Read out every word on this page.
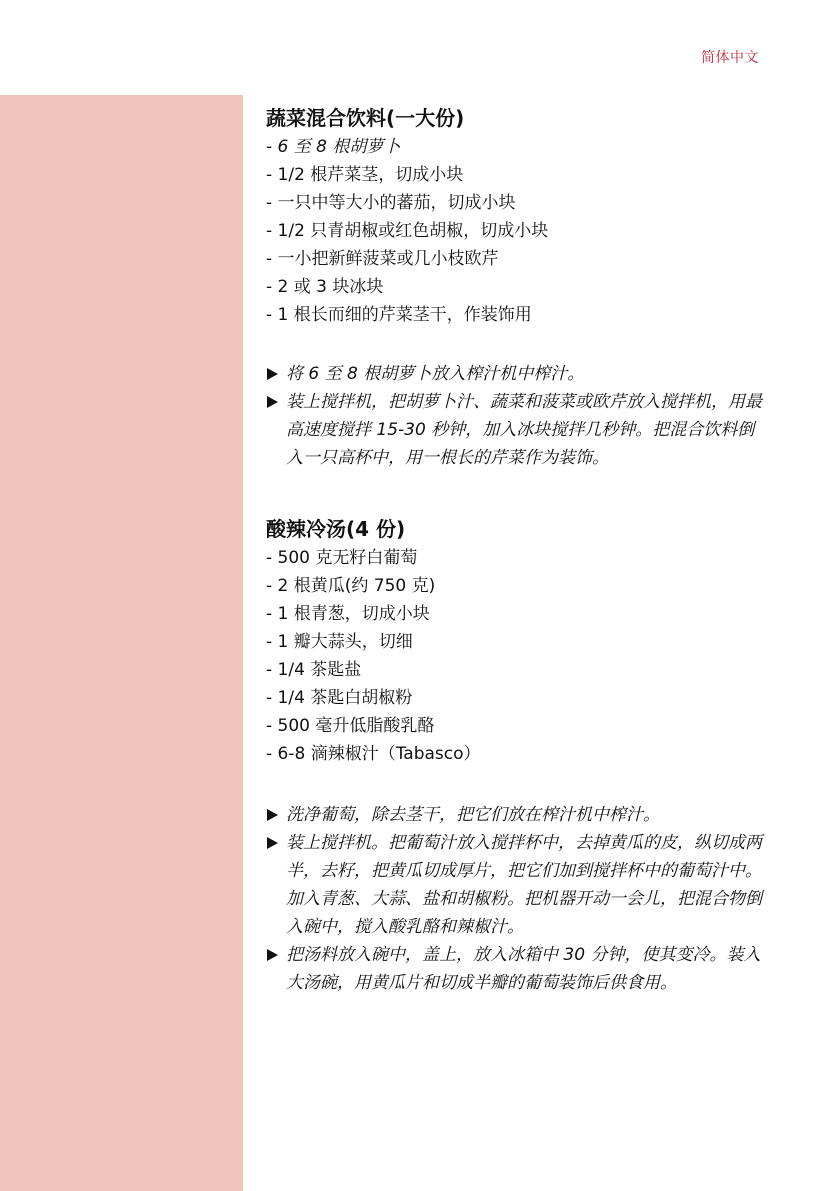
简体中文
蔬菜混合饮料(一大份)
- 6 至 8 根胡萝卜
- 1/2 根芹菜茎，切成小块
- 一只中等大小的蕃茄，切成小块
- 1/2 只青胡椒或红色胡椒，切成小块
- 一小把新鲜菠菜或几小枝欧芹
- 2 或 3 块冰块
- 1 根长而细的芹菜茎干，作装饰用
将 6 至 8 根胡萝卜放入榨汁机中榨汁。
装上搅拌机，把胡萝卜汁、蔬菜和菠菜或欧芹放入搅拌机，用最高速度搅拌 15-30 秒钟，加入冰块搅拌几秒钟。把混合饮料倒入一只高杯中，用一根长的芹菜作为装饰。
酸辣冷汤(4 份)
- 500 克无籽白葡萄
- 2 根黄瓜(约 750 克)
- 1 根青葱，切成小块
- 1 瓣大蒜头，切细
- 1/4 茶匙盐
- 1/4 茶匙白胡椒粉
- 500 毫升低脂酸乳酪
- 6-8 滴辣椒汁（Tabasco）
洗净葡萄，除去茎干，把它们放在榨汁机中榨汁。
装上搅拌机。把葡萄汁放入搅拌杯中，去掉黄瓜的皮，纵切成两半，去籽，把黄瓜切成厚片，把它们加到搅拌杯中的葡萄汁中。加入青葱、大蒜、盐和胡椒粉。把机器开动一会儿，把混合物倒入碗中，搅入酸乳酪和辣椒汁。
把汤料放入碗中，盖上，放入冰箱中 30 分钟，使其变冷。装入大汤碗，用黄瓜片和切成半瓣的葡萄装饰后供食用。
